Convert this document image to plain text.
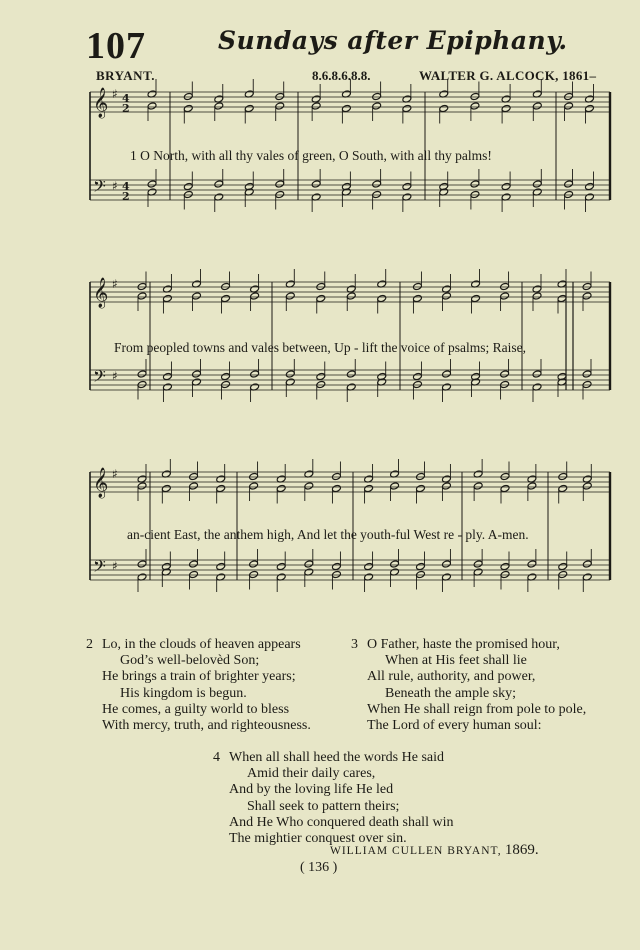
107	Sundays after Epiphany.
BRYANT.	8.6.8.6.8.8.	WALTER G. ALCOCK, 1861–
𝄞 ♯ 4
2
𝄢 ♯ 4
2
𝄞 ♯
𝄢 ♯
𝄞 ♯
𝄢 ♯
1 O North, with all thy vales of green, O South, with all thy palms!
From peopled towns and vales between, Up - lift the voice of psalms; Raise,
an-cient East, the anthem high, And let the youth-ful West re - ply. A-men.
2 Lo, in the clouds of heaven appears
God’s well-belovèd Son;
He brings a train of brighter years;
His kingdom is begun.
He comes, a guilty world to bless
With mercy, truth, and righteousness.
3 O Father, haste the promised hour,
When at His feet shall lie
All rule, authority, and power,
Beneath the ample sky;
When He shall reign from pole to pole,
The Lord of every human soul:
4 When all shall heed the words He said
Amid their daily cares,
And by the loving life He led
Shall seek to pattern theirs;
And He Who conquered death shall win
The mightier conquest over sin.
WILLIAM CULLEN BRYANT, 1869.
( 136 )
